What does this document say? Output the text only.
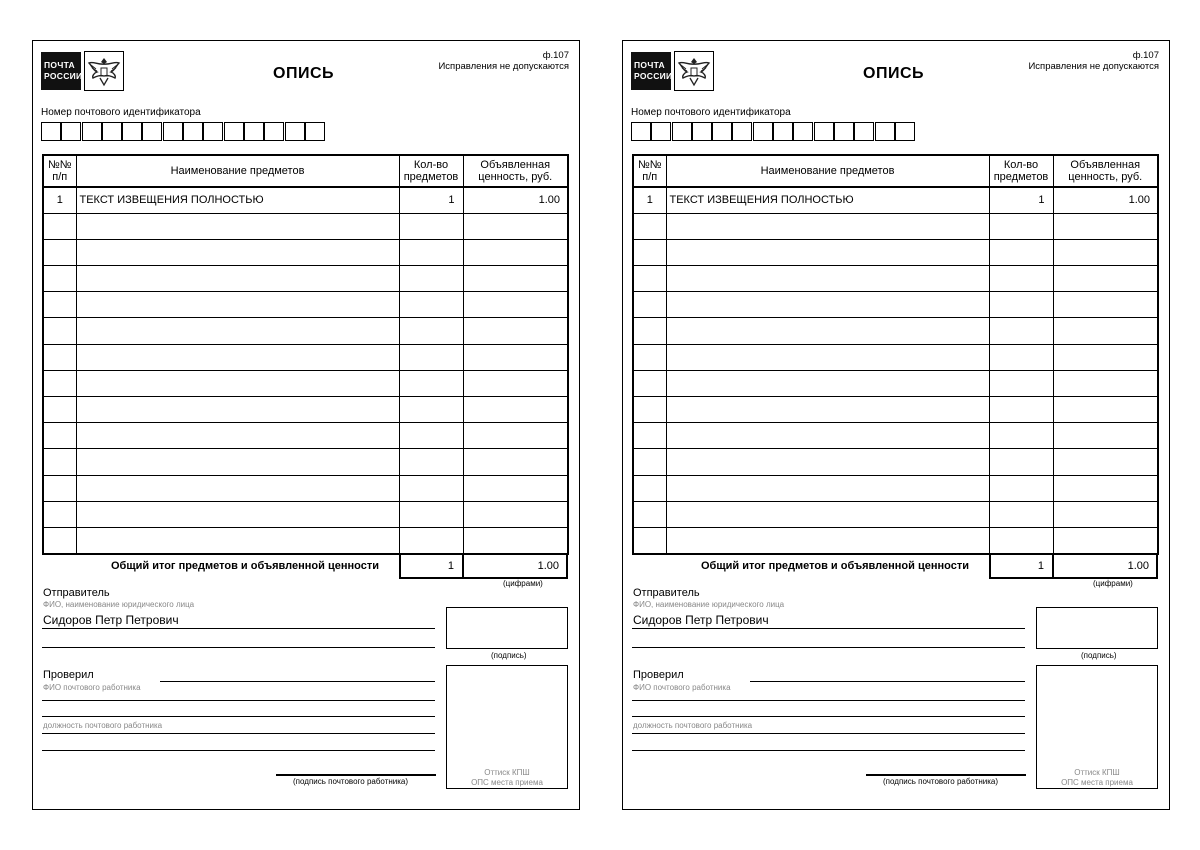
ПОЧТА
РОССИИ	ОПИСЬ
ф.107
Исправления не допускаются
Номер почтового идентификатора
№№ п/п	Наименование предметов	Кол-во предметов	Объявленная ценность, руб.
1	ТЕКСТ ИЗВЕЩЕНИЯ ПОЛНОСТЬЮ	1	1.00

Общий итог предметов и объявленной ценности	1	1.00
(цифрами)
Отправитель
ФИО, наименование юридического лица
Сидоров Петр Петрович
(подпись)
Проверил
ФИО почтового работника
должность почтового работника
Оттиск КПШ
ОПС места приема
(подпись почтового работника)
ПОЧТА
РОССИИ	ОПИСЬ
ф.107
Исправления не допускаются
Номер почтового идентификатора
№№ п/п	Наименование предметов	Кол-во предметов	Объявленная ценность, руб.
1	ТЕКСТ ИЗВЕЩЕНИЯ ПОЛНОСТЬЮ	1	1.00

Общий итог предметов и объявленной ценности	1	1.00
(цифрами)
Отправитель
ФИО, наименование юридического лица
Сидоров Петр Петрович
(подпись)
Проверил
ФИО почтового работника
должность почтового работника
Оттиск КПШ
ОПС места приема
(подпись почтового работника)
